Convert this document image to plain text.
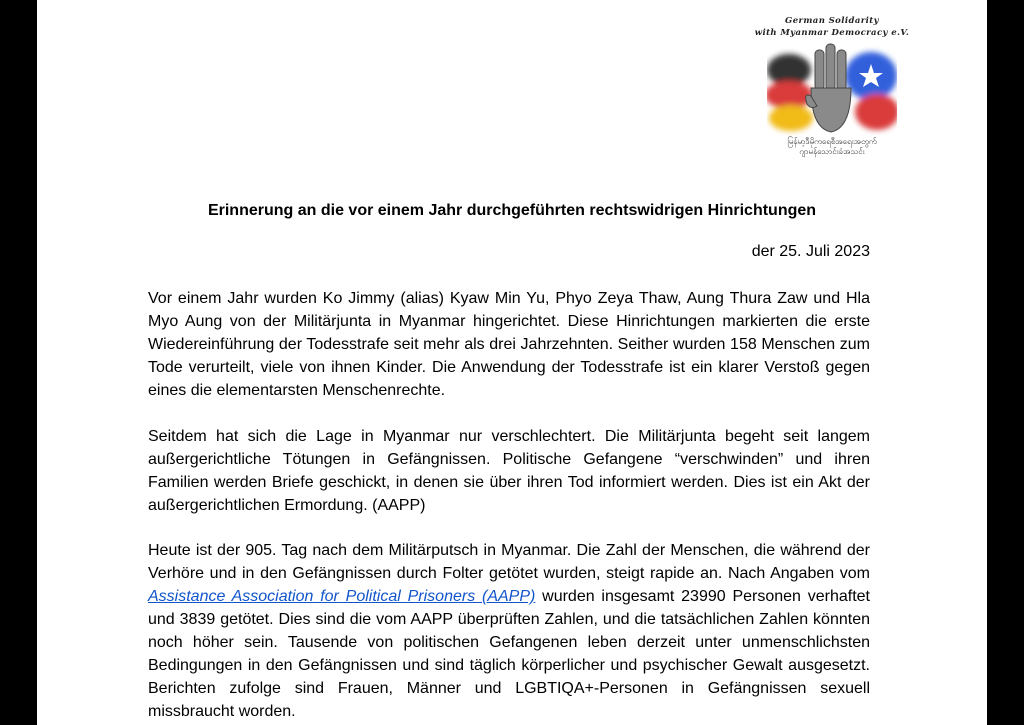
German Solidarity
with Myanmar Democracy e.V.
မြန်မာ့ဒီမိုကရေစီအရေးအတွက်
ဂျာမန်သောင်းခံအသင်း
Erinnerung an die vor einem Jahr durchgeführten rechtswidrigen Hinrichtungen
der 25. Juli 2023

Vor einem Jahr wurden Ko Jimmy (alias) Kyaw Min Yu, Phyo Zeya Thaw, Aung Thura Zaw und Hla Myo Aung von der Militärjunta in Myanmar hingerichtet. Diese Hinrichtungen markierten die erste Wiedereinführung der Todesstrafe seit mehr als drei Jahrzehnten. Seither wurden 158 Menschen zum Tode verurteilt, viele von ihnen Kinder. Die Anwendung der Todesstrafe ist ein klarer Verstoß gegen eines die elementarsten Menschenrechte.

Seitdem hat sich die Lage in Myanmar nur verschlechtert. Die Militärjunta begeht seit langem außergerichtliche Tötungen in Gefängnissen. Politische Gefangene “verschwinden” und ihren Familien werden Briefe geschickt, in denen sie über ihren Tod informiert werden. Dies ist ein Akt der außergerichtlichen Ermordung. (AAPP)

Heute ist der 905. Tag nach dem Militärputsch in Myanmar. Die Zahl der Menschen, die während der Verhöre und in den Gefängnissen durch Folter getötet wurden, steigt rapide an. Nach Angaben vom Assistance Association for Political Prisoners (AAPP) wurden insgesamt 23990 Personen verhaftet und 3839 getötet. Dies sind die vom AAPP überprüften Zahlen, und die tatsächlichen Zahlen könnten noch höher sein. Tausende von politischen Gefangenen leben derzeit unter unmenschlichsten Bedingungen in den Gefängnissen und sind täglich körperlicher und psychischer Gewalt ausgesetzt. Berichten zufolge sind Frauen, Männer und LGBTIQA+-Personen in Gefängnissen sexuell missbraucht worden.
